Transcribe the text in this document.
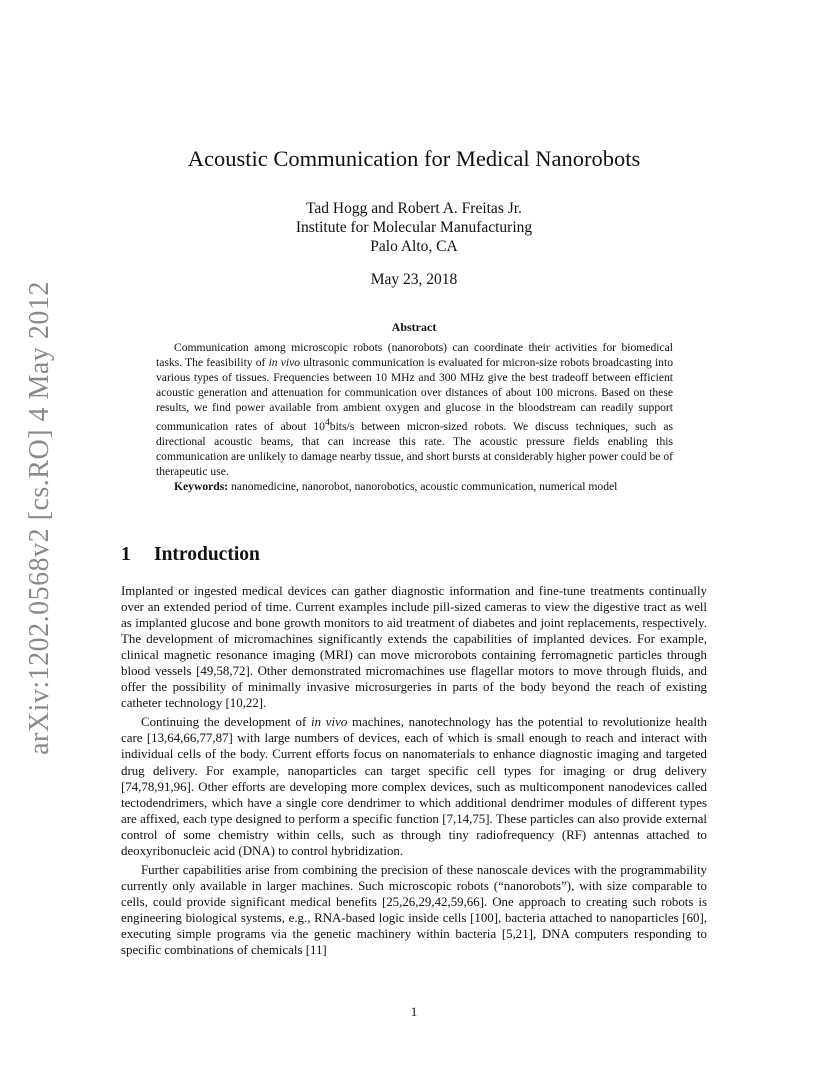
arXiv:1202.0568v2 [cs.RO] 4 May 2012
Acoustic Communication for Medical Nanorobots
Tad Hogg and Robert A. Freitas Jr.
Institute for Molecular Manufacturing
Palo Alto, CA
May 23, 2018
Abstract

Communication among microscopic robots (nanorobots) can coordinate their activities for biomedical tasks. The feasibility of in vivo ultrasonic communication is evaluated for micron-size robots broadcasting into various types of tissues. Frequencies between 10 MHz and 300 MHz give the best tradeoff between efficient acoustic generation and attenuation for communication over distances of about 100 microns. Based on these results, we find power available from ambient oxygen and glucose in the bloodstream can readily support communication rates of about $10^4bits/s$ between micron-sized robots. We discuss techniques, such as directional acoustic beams, that can increase this rate. The acoustic pressure fields enabling this communication are unlikely to damage nearby tissue, and short bursts at considerably higher power could be of therapeutic use.

Keywords: nanomedicine, nanorobot, nanorobotics, acoustic communication, numerical model

1 Introduction

Implanted or ingested medical devices can gather diagnostic information and fine-tune treatments continually over an extended period of time. Current examples include pill-sized cameras to view the digestive tract as well as implanted glucose and bone growth monitors to aid treatment of diabetes and joint replacements, respectively. The development of micromachines significantly extends the capabilities of implanted devices. For example, clinical magnetic resonance imaging (MRI) can move microrobots containing ferromagnetic particles through blood vessels [49,58,72]. Other demonstrated micromachines use flagellar motors to move through fluids, and offer the possibility of minimally invasive microsurgeries in parts of the body beyond the reach of existing catheter technology [10,22].

Continuing the development of in vivo machines, nanotechnology has the potential to revolutionize health care [13,64,66,77,87] with large numbers of devices, each of which is small enough to reach and interact with individual cells of the body. Current efforts focus on nanomaterials to enhance diagnostic imaging and targeted drug delivery. For example, nanoparticles can target specific cell types for imaging or drug delivery [74,78,91,96]. Other efforts are developing more complex devices, such as multicomponent nanodevices called tectodendrimers, which have a single core dendrimer to which additional dendrimer modules of different types are affixed, each type designed to perform a specific function [7,14,75]. These particles can also provide external control of some chemistry within cells, such as through tiny radiofrequency (RF) antennas attached to deoxyribonucleic acid (DNA) to control hybridization.

Further capabilities arise from combining the precision of these nanoscale devices with the programmability currently only available in larger machines. Such microscopic robots (“nanorobots”), with size comparable to cells, could provide significant medical benefits [25,26,29,42,59,66]. One approach to creating such robots is engineering biological systems, e.g., RNA-based logic inside cells [100], bacteria attached to nanoparticles [60], executing simple programs via the genetic machinery within bacteria [5,21], DNA computers responding to specific combinations of chemicals [11]

1
